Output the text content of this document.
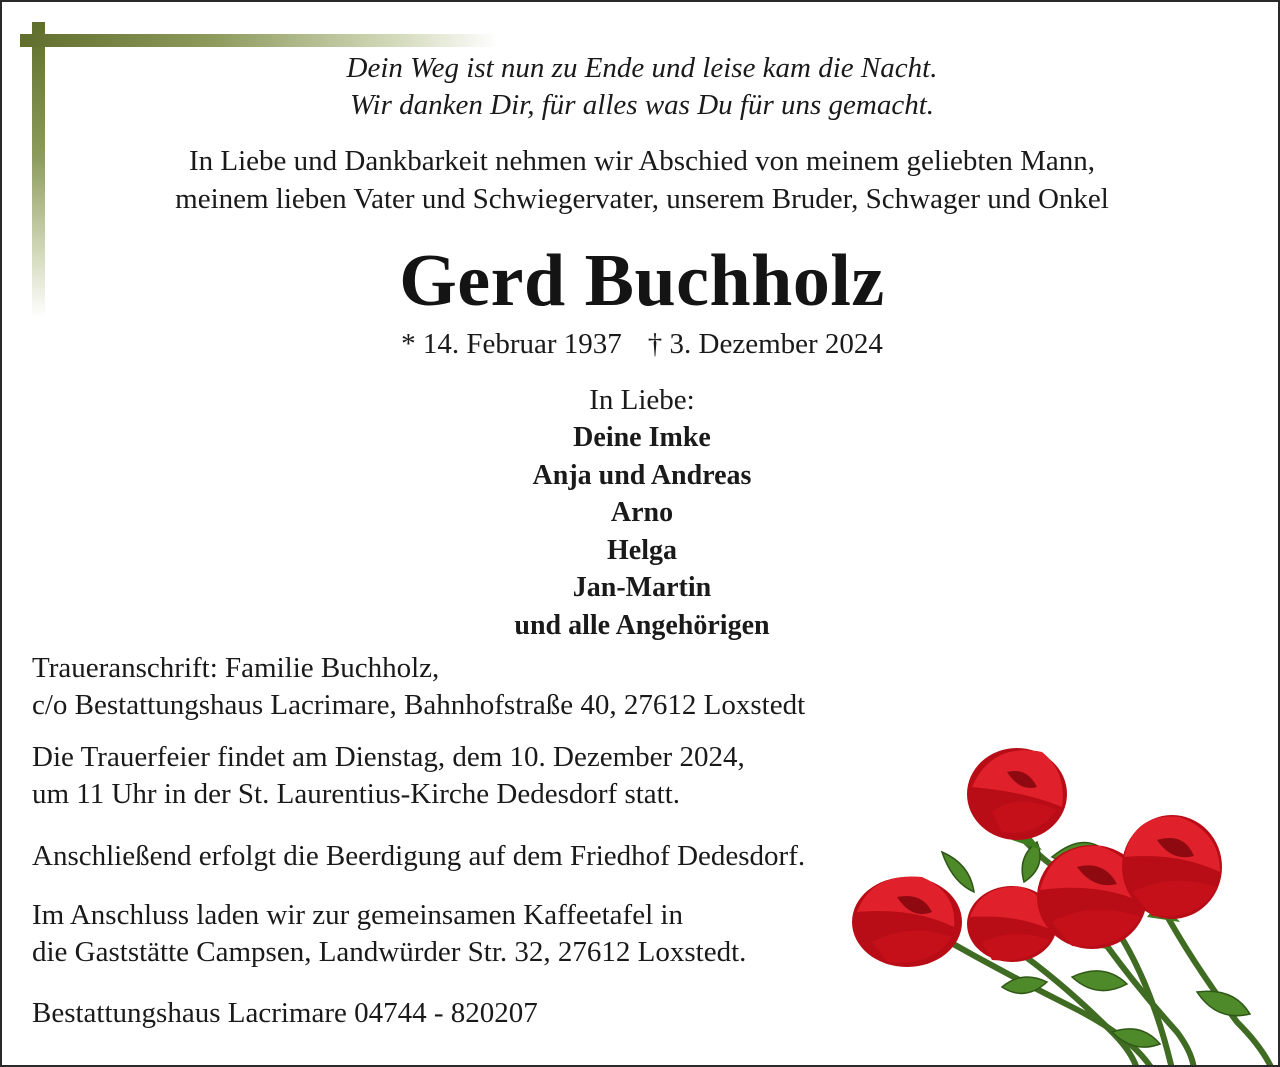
Dein Weg ist nun zu Ende und leise kam die Nacht.
Wir danken Dir, für alles was Du für uns gemacht.
In Liebe und Dankbarkeit nehmen wir Abschied von meinem geliebten Mann,
meinem lieben Vater und Schwiegervater, unserem Bruder, Schwager und Onkel
Gerd Buchholz
* 14. Februar 1937 † 3. Dezember 2024
In Liebe:
Deine Imke
Anja und Andreas
Arno
Helga
Jan-Martin
und alle Angehörigen
Traueranschrift: Familie Buchholz,
c/o Bestattungshaus Lacrimare, Bahnhofstraße 40, 27612 Loxstedt
Die Trauerfeier findet am Dienstag, dem 10. Dezember 2024,
um 11 Uhr in der St. Laurentius-Kirche Dedesdorf statt.
Anschließend erfolgt die Beerdigung auf dem Friedhof Dedesdorf.
Im Anschluss laden wir zur gemeinsamen Kaffeetafel in
die Gaststätte Campsen, Landwürder Str. 32, 27612 Loxstedt.
Bestattungshaus Lacrimare 04744 - 820207
